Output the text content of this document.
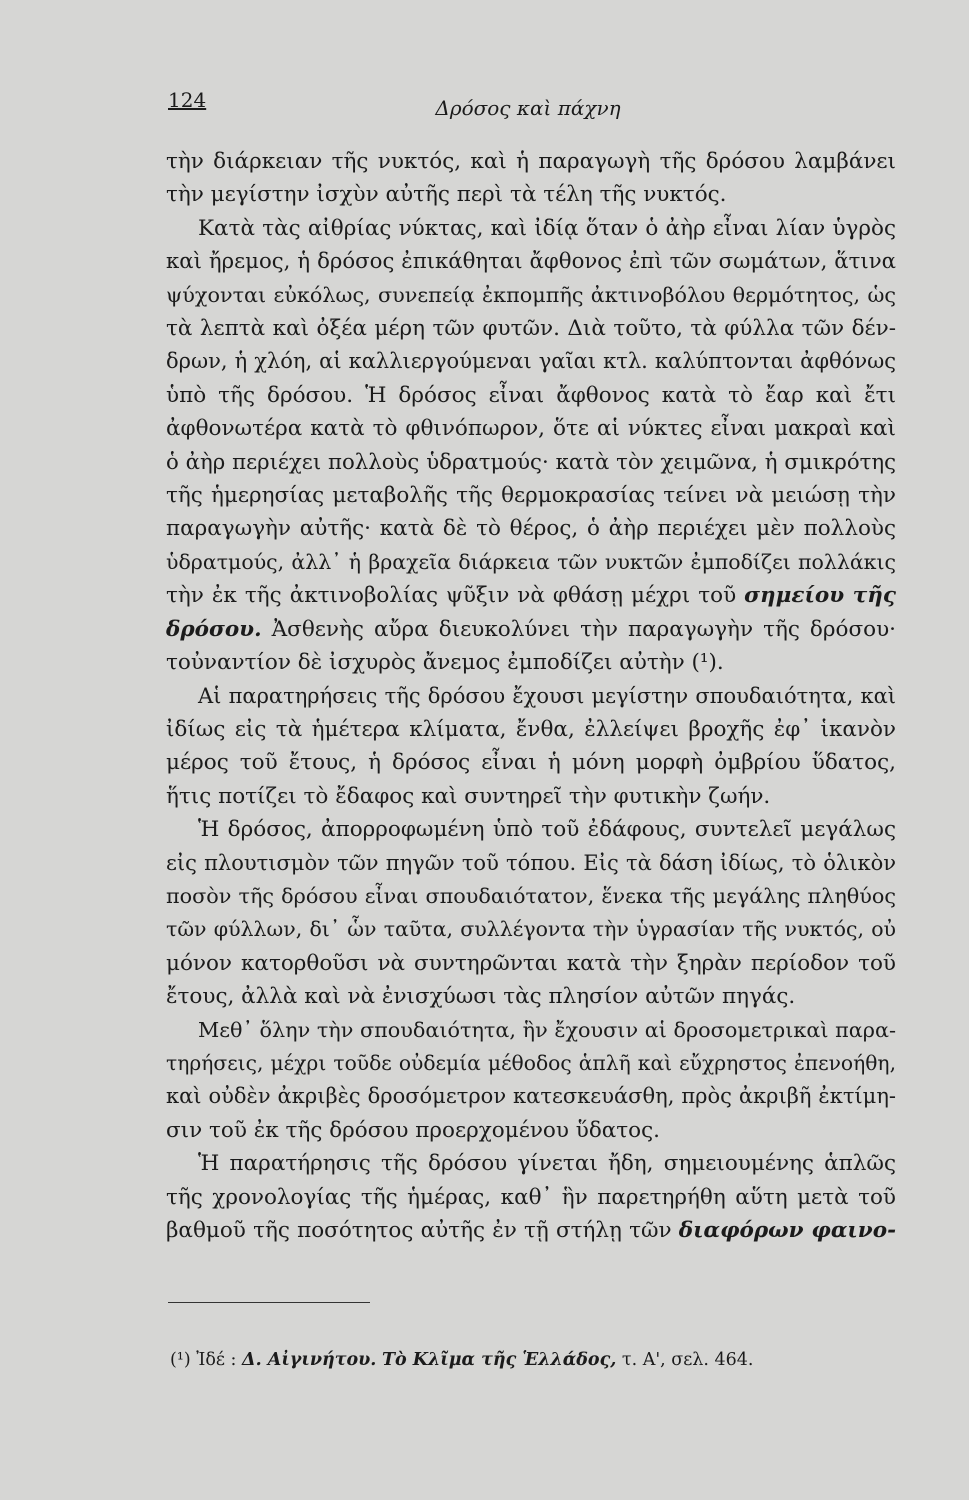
124	Δρόσος καὶ πάχνη
τὴν διάρκειαν τῆς νυκτός, καὶ ἡ παραγωγὴ τῆς δρόσου λαμβάνει
τὴν μεγίστην ἰσχὺν αὐτῆς περὶ τὰ τέλη τῆς νυκτός.
Κατὰ τὰς αἰθρίας νύκτας, καὶ ἰδίᾳ ὅταν ὁ ἀὴρ εἶναι λίαν ὑγρὸς
καὶ ἤρεμος, ἡ δρόσος ἐπικάθηται ἄφθονος ἐπὶ τῶν σωμάτων, ἅτινα
ψύχονται εὐκόλως, συνεπείᾳ ἐκπομπῆς ἀκτινοβόλου θερμότητος, ὡς
τὰ λεπτὰ καὶ ὀξέα μέρη τῶν φυτῶν. Διὰ τοῦτο, τὰ φύλλα τῶν δέν-
δρων, ἡ χλόη, αἱ καλλιεργούμεναι γαῖαι κτλ. καλύπτονται ἀφθόνως
ὑπὸ τῆς δρόσου. Ἡ δρόσος εἶναι ἄφθονος κατὰ τὸ ἔαρ καὶ ἔτι
ἀφθονωτέρα κατὰ τὸ φθινόπωρον, ὅτε αἱ νύκτες εἶναι μακραὶ καὶ
ὁ ἀὴρ περιέχει πολλοὺς ὑδρατμούς· κατὰ τὸν χειμῶνα, ἡ σμικρότης
τῆς ἡμερησίας μεταβολῆς τῆς θερμοκρασίας τείνει νὰ μειώσῃ τὴν
παραγωγὴν αὐτῆς· κατὰ δὲ τὸ θέρος, ὁ ἀὴρ περιέχει μὲν πολλοὺς
ὑδρατμούς, ἀλλ᾽ ἡ βραχεῖα διάρκεια τῶν νυκτῶν ἐμποδίζει πολλάκις
τὴν ἐκ τῆς ἀκτινοβολίας ψῦξιν νὰ φθάσῃ μέχρι τοῦ σημείου τῆς
δρόσου. Ἀσθενὴς αὔρα διευκολύνει τὴν παραγωγὴν τῆς δρόσου·
τοὐναντίον δὲ ἰσχυρὸς ἄνεμος ἐμποδίζει αὐτὴν (¹).
Αἱ παρατηρήσεις τῆς δρόσου ἔχουσι μεγίστην σπουδαιότητα, καὶ
ἰδίως εἰς τὰ ἡμέτερα κλίματα, ἔνθα, ἐλλείψει βροχῆς ἐφ᾽ ἱκανὸν
μέρος τοῦ ἔτους, ἡ δρόσος εἶναι ἡ μόνη μορφὴ ὀμβρίου ὕδατος,
ἥτις ποτίζει τὸ ἔδαφος καὶ συντηρεῖ τὴν φυτικὴν ζωήν.
Ἡ δρόσος, ἀπορροφωμένη ὑπὸ τοῦ ἐδάφους, συντελεῖ μεγάλως
εἰς πλουτισμὸν τῶν πηγῶν τοῦ τόπου. Εἰς τὰ δάση ἰδίως, τὸ ὁλικὸν
ποσὸν τῆς δρόσου εἶναι σπουδαιότατον, ἕνεκα τῆς μεγάλης πληθύος
τῶν φύλλων, δι᾽ ὧν ταῦτα, συλλέγοντα τὴν ὑγρασίαν τῆς νυκτός, οὐ
μόνον κατορθοῦσι νὰ συντηρῶνται κατὰ τὴν ξηρὰν περίοδον τοῦ
ἔτους, ἀλλὰ καὶ νὰ ἐνισχύωσι τὰς πλησίον αὐτῶν πηγάς.
Μεθ᾽ ὅλην τὴν σπουδαιότητα, ἣν ἔχουσιν αἱ δροσομετρικαὶ παρα-
τηρήσεις, μέχρι τοῦδε οὐδεμία μέθοδος ἁπλῆ καὶ εὔχρηστος ἐπενοήθη,
καὶ οὐδὲν ἀκριβὲς δροσόμετρον κατεσκευάσθη, πρὸς ἀκριβῆ ἐκτίμη-
σιν τοῦ ἐκ τῆς δρόσου προερχομένου ὕδατος.
Ἡ παρατήρησις τῆς δρόσου γίνεται ἤδη, σημειουμένης ἁπλῶς
τῆς χρονολογίας τῆς ἡμέρας, καθ᾽ ἣν παρετηρήθη αὕτη μετὰ τοῦ
βαθμοῦ τῆς ποσότητος αὐτῆς ἐν τῇ στήλῃ τῶν διαφόρων φαινο-
(¹) Ἰδέ : Δ. Αἰγινήτου. Τὸ Κλῖμα τῆς Ἑλλάδος, τ. Α', σελ. 464.
